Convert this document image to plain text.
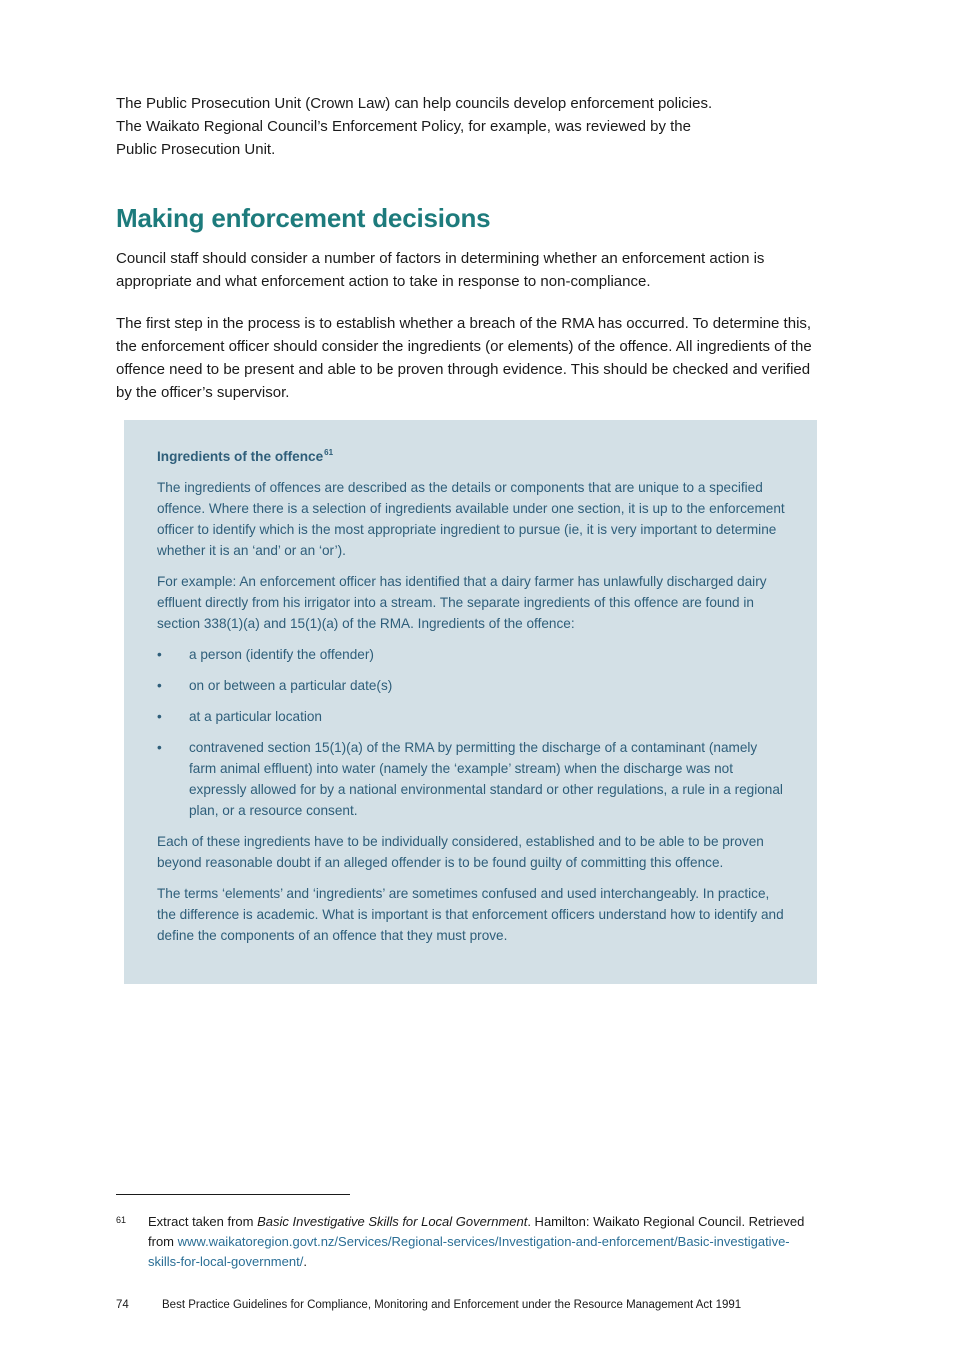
The Public Prosecution Unit (Crown Law) can help councils develop enforcement policies.
The Waikato Regional Council’s Enforcement Policy, for example, was reviewed by the
Public Prosecution Unit.

Making enforcement decisions

Council staff should consider a number of factors in determining whether an enforcement action is appropriate and what enforcement action to take in response to non-compliance.

The first step in the process is to establish whether a breach of the RMA has occurred. To determine this, the enforcement officer should consider the ingredients (or elements) of the offence. All ingredients of the offence need to be present and able to be proven through evidence. This should be checked and verified by the officer’s supervisor.

Ingredients of the offence$^{61}$

The ingredients of offences are described as the details or components that are unique to a specified offence. Where there is a selection of ingredients available under one section, it is up to the enforcement officer to identify which is the most appropriate ingredient to pursue (ie, it is very important to determine whether it is an ‘and’ or an ‘or’).

For example: An enforcement officer has identified that a dairy farmer has unlawfully discharged dairy effluent directly from his irrigator into a stream. The separate ingredients of this offence are found in section 338(1)(a) and 15(1)(a) of the RMA. Ingredients of the offence:

• a person (identify the offender)
• on or between a particular date(s)
• at a particular location
• contravened section 15(1)(a) of the RMA by permitting the discharge of a contaminant (namely farm animal effluent) into water (namely the ‘example’ stream) when the discharge was not expressly allowed for by a national environmental standard or other regulations, a rule in a regional plan, or a resource consent.

Each of these ingredients have to be individually considered, established and to be able to be proven beyond reasonable doubt if an alleged offender is to be found guilty of committing this offence.

The terms ‘elements’ and ‘ingredients’ are sometimes confused and used interchangeably. In practice, the difference is academic. What is important is that enforcement officers understand how to identify and define the components of an offence that they must prove.

61 Extract taken from Basic Investigative Skills for Local Government. Hamilton: Waikato Regional Council. Retrieved from www.waikatoregion.govt.nz/Services/Regional-services/Investigation-and-enforcement/Basic-investigative-skills-for-local-government/.
74	Best Practice Guidelines for Compliance, Monitoring and Enforcement under the Resource Management Act 1991
